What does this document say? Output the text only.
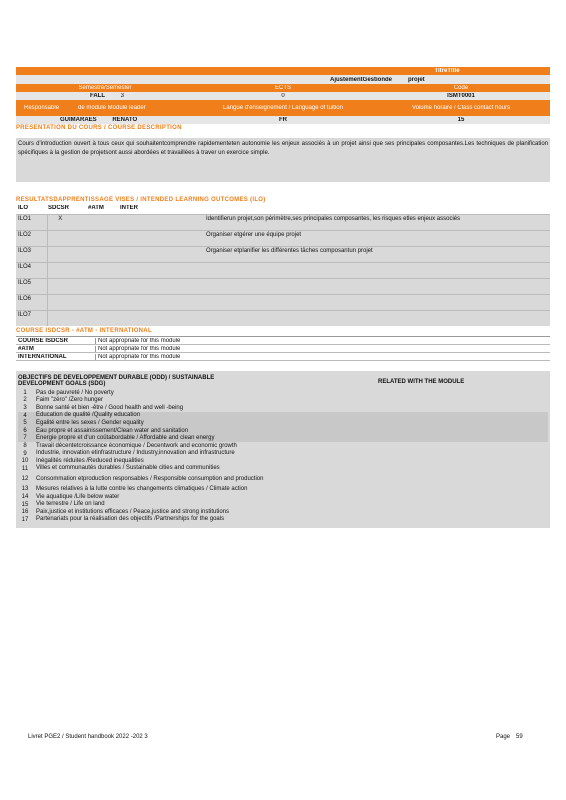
TitreTitle
AjustementGestionde	projet
Semestre/Semester	ECTS	Code
FALL	3	0	ISMT0001
Responsable	de module Module leader	Langue d'enseignement / Language of tuition	Volume horaire / Class contact hours
GUIMARAES	RENATO	FR	15
PRESENTATION DU COURS / COURSE DESCRIPTION
Cours d'introduction ouvert à tous ceux qui souhaitentcomprendre rapidementeten autonomie les enjeux associés à un projet ainsi que ses principales composantes.Les techniques de planification spécifiques à la gestion de projetsont aussi abordées et travaillées à traver un exercice simple.
RESULTATSDAPPRENTISSAGE VISES / INTENDED LEARNING OUTCOMES (ILO)
ILO	SDCSR	#ATM	INTER
ILO1	X			Identifierun projet,son périmètre,ses principales composantes, les risques etles enjeux associés
ILO2				Organiser etgérer une équipe projet
ILO3				Organiser etplanifier les différentes tâches composantun projet
ILO4				
ILO5				
ILO6				
ILO7				
COURSE ISDCSR - #ATM - INTERNATIONAL
COURSE ISDCSR	Not appropriate for this module
#ATM	Not appropriate for this module
INTERNATIONAL	Not appropriate for this module
OBJECTIFS DE DEVELOPPEMENT DURABLE (ODD) / SUSTAINABLE
DEVELOPMENT GOALS (SDG)	RELATED WITH THE MODULE
1	Pas de pauvreté / No poverty
2	Faim "zéro" /Zero hunger
3	Bonne santé et bien -être / Good health and well -being
4	Education de qualité /Quality education
5	Egalité entre les sexes / Gender equality
6	Eau propre et assainissement/Clean water and sanitation
7	Energie propre et d'un coûtabordable / Affordable and clean energy
8	Travail décentetcroissance économique / Decentwork and economic growth
9	Industrie, innovation etinfrastructure / Industry,innovation and infrastructure
10	Inégalités réduites /Reduced inequalities
11	Villes et communautés durables / Sustainable cities and communities
12	Consommation etproduction responsables / Responsible consumption and production
13	Mesures relatives à la lutte contre les changements climatiques / Climate action
14	Vie aquatique /Life below water
15	Vie terrestre / Life on land
16	Paix,justice et institutions efficaces / Peace,justice and strong institutions
17	Partenariats pour la réalisation des objectifs /Partnerships for the goals
Livret PGE2 / Student handbook 2022 -202 3	Page 59
